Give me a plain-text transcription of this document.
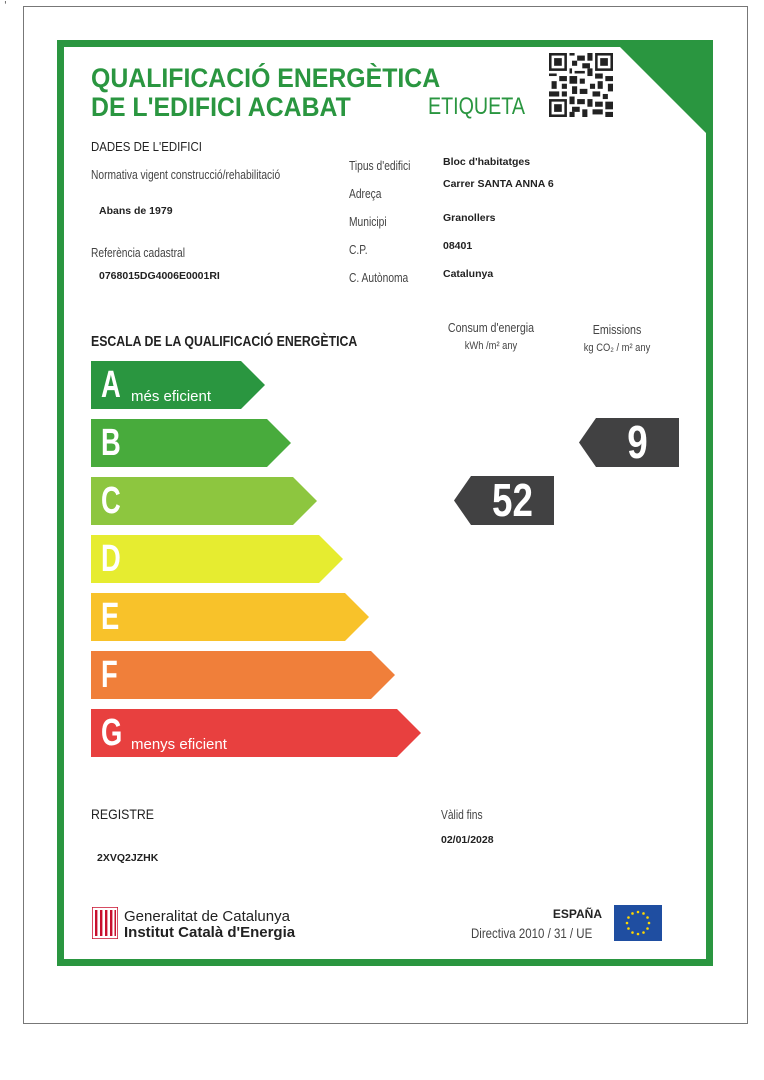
'
QUALIFICACIÓ ENERGÈTICA
DE L'EDIFICI ACABAT	ETIQUETA
DADES DE L'EDIFICI
Normativa vigent construcció/rehabilitació
Abans de 1979
Referència cadastral
0768015DG4006E0001RI
Tipus d'edifici	Bloc d'habitatges
Adreça
Carrer SANTA ANNA 6
Municipi	Granollers
C.P.	08401
C. Autònoma	Catalunya
ESCALA DE LA QUALIFICACIÓ ENERGÈTICA
Consum d'energia
kWh /m² any
Emissions
kg CO₂ / m² any
A més eficient
B
C
D
E
F
G menys eficient
52
9
REGISTRE
2XVQ2JZHK
Vàlid fins
02/01/2028
Generalitat de Catalunya
Institut Català d'Energia
ESPAÑA
Directiva 2010 / 31 / UE
